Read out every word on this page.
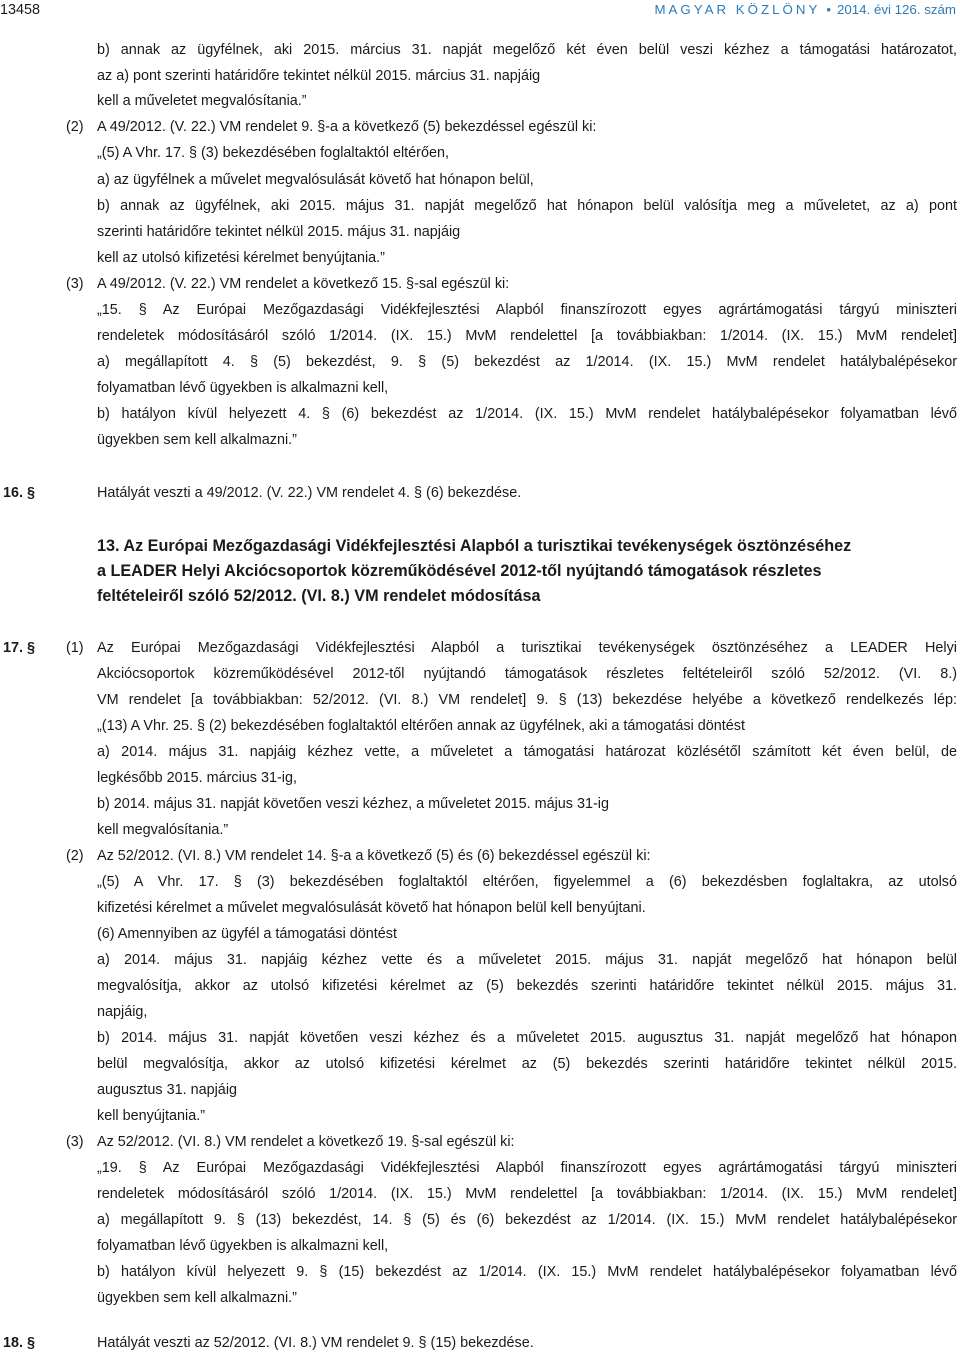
13458	MAGYAR KÖZLÖNY • 2014. évi 126. szám
b) annak az ügyfélnek, aki 2015. március 31. napját megelőző két éven belül veszi kézhez a támogatási határozatot,
az a) pont szerinti határidőre tekintet nélkül 2015. március 31. napjáig
kell a műveletet megvalósítania.”
(2) A 49/2012. (V. 22.) VM rendelet 9. §-a a következő (5) bekezdéssel egészül ki:
„(5) A Vhr. 17. § (3) bekezdésében foglaltaktól eltérően,
a) az ügyfélnek a művelet megvalósulását követő hat hónapon belül,
b) annak az ügyfélnek, aki 2015. május 31. napját megelőző hat hónapon belül valósítja meg a műveletet, az a) pont
szerinti határidőre tekintet nélkül 2015. május 31. napjáig
kell az utolsó kifizetési kérelmet benyújtania.”
(3) A 49/2012. (V. 22.) VM rendelet a következő 15. §-sal egészül ki:
„15. § Az Európai Mezőgazdasági Vidékfejlesztési Alapból finanszírozott egyes agrártámogatási tárgyú miniszteri
rendeletek módosításáról szóló 1/2014. (IX. 15.) MvM rendelettel [a továbbiakban: 1/2014. (IX. 15.) MvM rendelet]
a) megállapított 4. § (5) bekezdést, 9. § (5) bekezdést az 1/2014. (IX. 15.) MvM rendelet hatálybalépésekor
folyamatban lévő ügyekben is alkalmazni kell,
b) hatályon kívül helyezett 4. § (6) bekezdést az 1/2014. (IX. 15.) MvM rendelet hatálybalépésekor folyamatban lévő
ügyekben sem kell alkalmazni.”
16. §	Hatályát veszti a 49/2012. (V. 22.) VM rendelet 4. § (6) bekezdése.
13. Az Európai Mezőgazdasági Vidékfejlesztési Alapból a turisztikai tevékenységek ösztönzéséhez
a LEADER Helyi Akciócsoportok közreműködésével 2012-től nyújtandó támogatások részletes
feltételeiről szóló 52/2012. (VI. 8.) VM rendelet módosítása
17. § (1) Az Európai Mezőgazdasági Vidékfejlesztési Alapból a turisztikai tevékenységek ösztönzéséhez a LEADER Helyi
Akciócsoportok közreműködésével 2012-től nyújtandó támogatások részletes feltételeiről szóló 52/2012. (VI. 8.)
VM rendelet [a továbbiakban: 52/2012. (VI. 8.) VM rendelet] 9. § (13) bekezdése helyébe a következő rendelkezés lép:
„(13) A Vhr. 25. § (2) bekezdésében foglaltaktól eltérően annak az ügyfélnek, aki a támogatási döntést
a) 2014. május 31. napjáig kézhez vette, a műveletet a támogatási határozat közlésétől számított két éven belül, de
legkésőbb 2015. március 31-ig,
b) 2014. május 31. napját követően veszi kézhez, a műveletet 2015. május 31-ig
kell megvalósítania.”
(2) Az 52/2012. (VI. 8.) VM rendelet 14. §-a a következő (5) és (6) bekezdéssel egészül ki:
„(5) A Vhr. 17. § (3) bekezdésében foglaltaktól eltérően, figyelemmel a (6) bekezdésben foglaltakra, az utolsó
kifizetési kérelmet a művelet megvalósulását követő hat hónapon belül kell benyújtani.
(6) Amennyiben az ügyfél a támogatási döntést
a) 2014. május 31. napjáig kézhez vette és a műveletet 2015. május 31. napját megelőző hat hónapon belül
megvalósítja, akkor az utolsó kifizetési kérelmet az (5) bekezdés szerinti határidőre tekintet nélkül 2015. május 31.
napjáig,
b) 2014. május 31. napját követően veszi kézhez és a műveletet 2015. augusztus 31. napját megelőző hat hónapon
belül megvalósítja, akkor az utolsó kifizetési kérelmet az (5) bekezdés szerinti határidőre tekintet nélkül 2015.
augusztus 31. napjáig
kell benyújtania.”
(3) Az 52/2012. (VI. 8.) VM rendelet a következő 19. §-sal egészül ki:
„19. § Az Európai Mezőgazdasági Vidékfejlesztési Alapból finanszírozott egyes agrártámogatási tárgyú miniszteri
rendeletek módosításáról szóló 1/2014. (IX. 15.) MvM rendelettel [a továbbiakban: 1/2014. (IX. 15.) MvM rendelet]
a) megállapított 9. § (13) bekezdést, 14. § (5) és (6) bekezdést az 1/2014. (IX. 15.) MvM rendelet hatálybalépésekor
folyamatban lévő ügyekben is alkalmazni kell,
b) hatályon kívül helyezett 9. § (15) bekezdést az 1/2014. (IX. 15.) MvM rendelet hatálybalépésekor folyamatban lévő
ügyekben sem kell alkalmazni.”
18. §	Hatályát veszti az 52/2012. (VI. 8.) VM rendelet 9. § (15) bekezdése.
